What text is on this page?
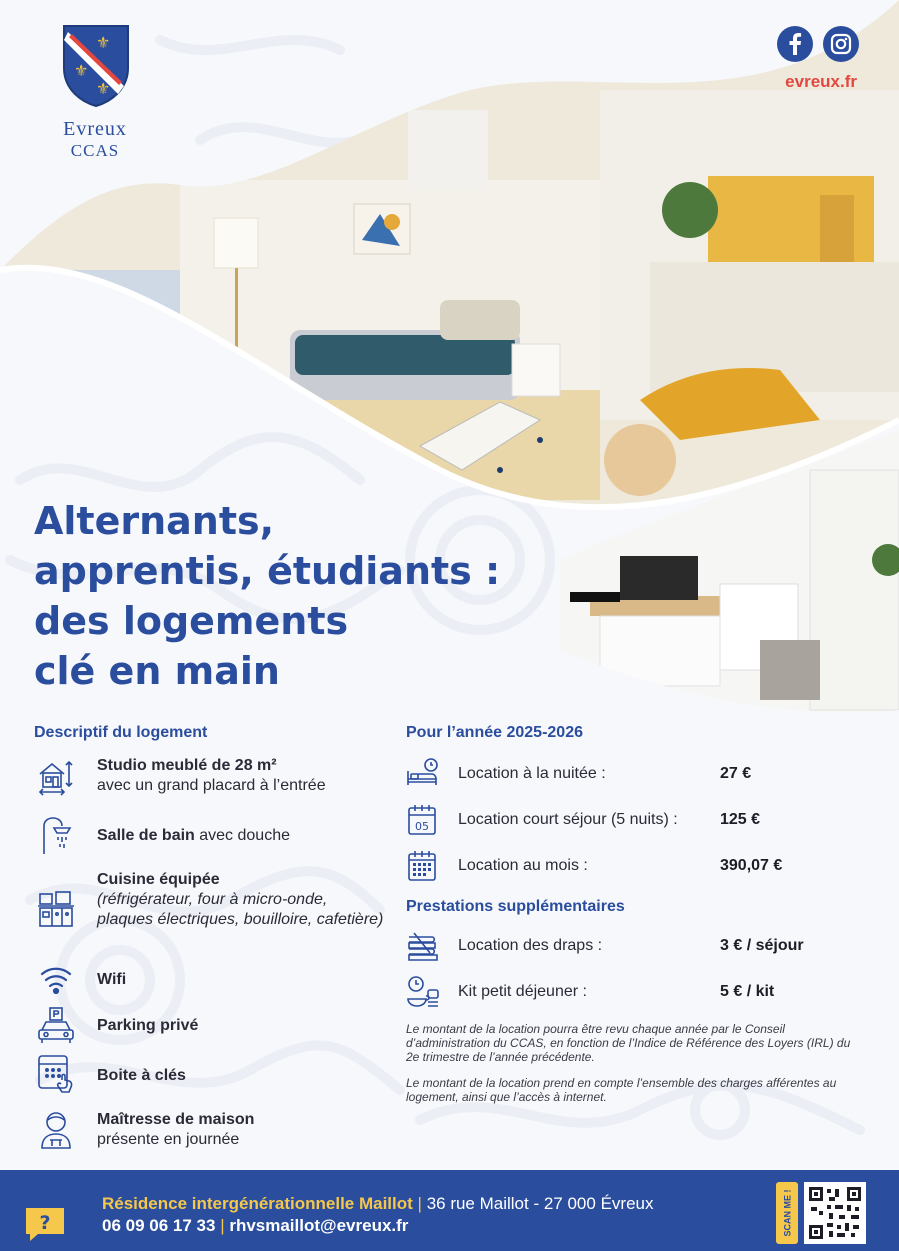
⚜
⚜
⚜
Evreux
CCAS
evreux.fr
Alternants,
apprentis, étudiants :
des logements
clé en main
Descriptif du logement
Studio meublé de 28 m²
avec un grand placard à l’entrée
Salle de bain avec douche
Cuisine équipée
(réfrigérateur, four à micro-onde, plaques électriques, bouilloire, cafetière)
Wifi
Parking privé
Boite à clés
Maîtresse de maison
présente en journée
Pour l’année 2025-2026
Location à la nuitée :	27 €
05 Location court séjour (5 nuits) :	125 €
Location au mois :	390,07 €
Prestations supplémentaires
Location des draps :	3 € / séjour
Kit petit déjeuner :	5 € / kit

Le montant de la location pourra être revu chaque année par le Conseil d’administration du CCAS, en fonction de l’Indice de Référence des Loyers (IRL) du 2e trimestre de l’année précédente.

Le montant de la location prend en compte l’ensemble des charges afférentes au logement, ainsi que l’accès à internet.

?
Résidence intergénérationnelle Maillot | 36 rue Maillot - 27 000 Évreux
06 09 06 17 33 | rhvsmaillot@evreux.fr	SCAN ME !
